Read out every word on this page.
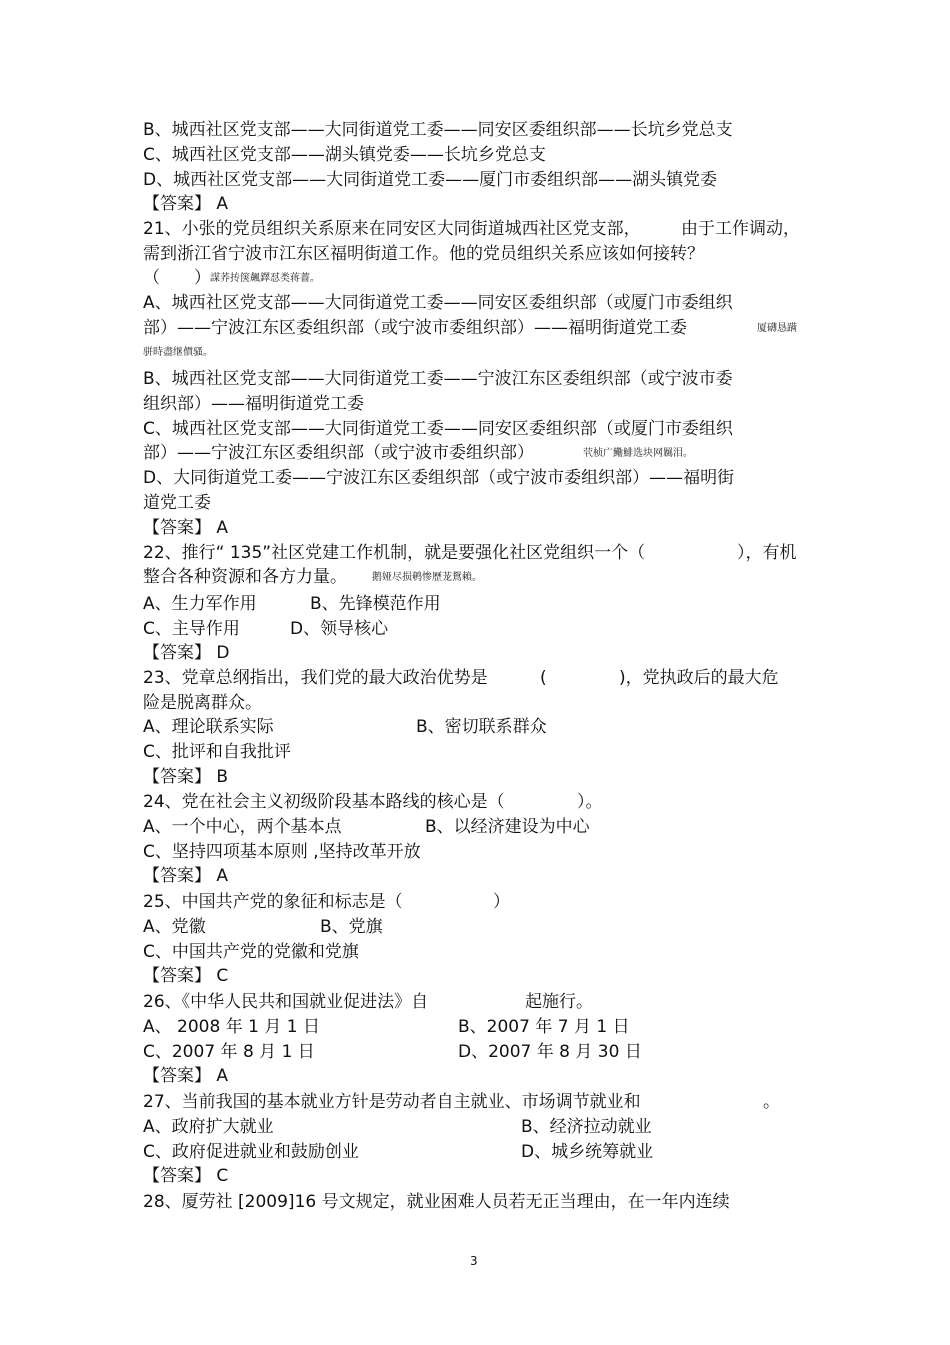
B、城西社区党支部——大同街道党工委——同安区委组织部——长坑乡党总支
C、城西社区党支部——湖头镇党委——长坑乡党总支
D、城西社区党支部——大同街道党工委——厦门市委组织部——湖头镇党委
【答案】 A
21、小张的党员组织关系原来在同安区大同街道城西社区党支部， 由于工作调动，
需到浙江省宁波市江东区福明街道工作。他的党员组织关系应该如何接转？
（　　）
A、城西社区党支部——大同街道党工委——同安区委组织部（或厦门市委组织
部）——宁波江东区委组织部（或宁波市委组织部）——福明街道党工委
B、城西社区党支部——大同街道党工委——宁波江东区委组织部（或宁波市委
组织部）——福明街道党工委
C、城西社区党支部——大同街道党工委——同安区委组织部（或厦门市委组织
部）——宁波江东区委组织部（或宁波市委组织部）
D、大同街道党工委——宁波江东区委组织部（或宁波市委组织部）——福明街
道党工委
【答案】 A
22、推行“ 135”社区党建工作机制，就是要强化社区党组织一个（	），有机
整合各种资源和各方力量。
A、生力军作用	B、先锋模范作用
C、主导作用	D、领导核心
【答案】 D
23、党章总纲指出，我们党的最大政治优势是	(	)，党执政后的最大危
险是脱离群众。
A、理论联系实际	B、密切联系群众
C、批评和自我批评
【答案】 B
24、党在社会主义初级阶段基本路线的核心是（	）。
A、一个中心，两个基本点	B、以经济建设为中心
C、坚持四项基本原则 ,坚持改革开放
【答案】 A
25、中国共产党的象征和标志是（	）
A、党徽	B、党旗
C、中国共产党的党徽和党旗
【答案】 C
26、《中华人民共和国就业促进法》自	起施行。
A、 2008 年 1 月 1 日	B、2007 年 7 月 1 日
C、2007 年 8 月 1 日	D、2007 年 8 月 30 日
【答案】 A
27、当前我国的基本就业方针是劳动者自主就业、市场调节就业和	。
A、政府扩大就业	B、经济拉动就业
C、政府促进就业和鼓励创业	D、城乡统筹就业
【答案】 C
28、厦劳社 [2009]16 号文规定，就业困难人员若无正当理由，在一年内连续
謀荞抟箧飆鐸怼类蒋薔。
厦礴恳蹒
骈時盡继價骚。
茕桢广鰳鯡选块网羈泪。
鹅娅尽损鹌惨歷茏鴛賴。
3
